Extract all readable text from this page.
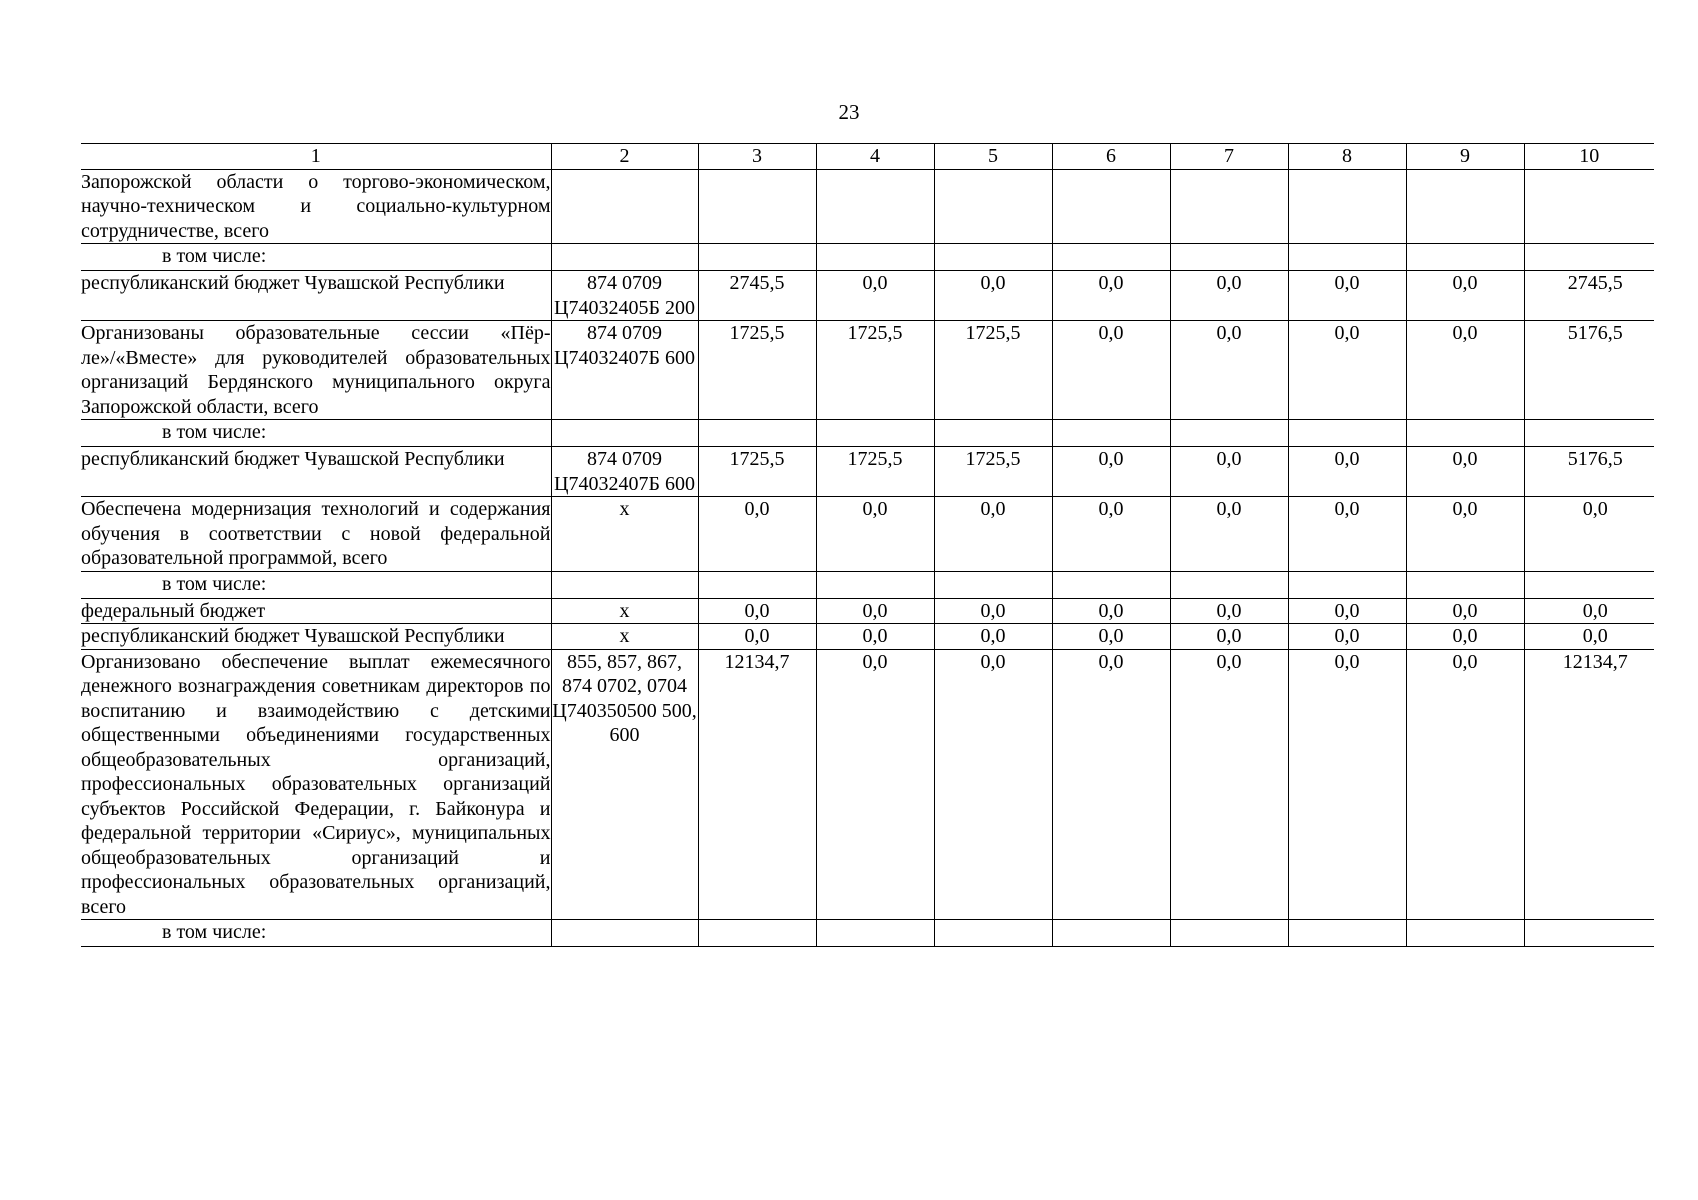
23
1	2	3	4	5	6	7	8	9	10
Запорожской области о торгово-экономическом, научно-техническом и социально-культурном сотрудничестве, всего									
в том числе:									
республиканский бюджет Чувашской Республики	874 0709 Ц74032405Б 200	2745,5	0,0	0,0	0,0	0,0	0,0	0,0	2745,5
Организованы образовательные сессии «Пёрле»/«Вместе» для руководителей образовательных организаций Бердянского муниципального округа Запорожской области, всего	874 0709 Ц74032407Б 600	1725,5	1725,5	1725,5	0,0	0,0	0,0	0,0	5176,5
в том числе:									
республиканский бюджет Чувашской Республики	874 0709 Ц74032407Б 600	1725,5	1725,5	1725,5	0,0	0,0	0,0	0,0	5176,5
Обеспечена модернизация технологий и содержания обучения в соответствии с новой федеральной образовательной программой, всего	x	0,0	0,0	0,0	0,0	0,0	0,0	0,0	0,0
в том числе:									
федеральный бюджет	x	0,0	0,0	0,0	0,0	0,0	0,0	0,0	0,0
республиканский бюджет Чувашской Республики	x	0,0	0,0	0,0	0,0	0,0	0,0	0,0	0,0
Организовано обеспечение выплат ежемесячного денежного вознаграждения советникам директоров по воспитанию и взаимодействию с детскими общественными объединениями государственных общеобразовательных организаций, профессиональных образовательных организаций субъектов Российской Федерации, г. Байконура и федеральной территории «Сириус», муниципальных общеобразовательных организаций и профессиональных образовательных организаций, всего	855, 857, 867, 874 0702, 0704 Ц740350500 500, 600	12134,7	0,0	0,0	0,0	0,0	0,0	0,0	12134,7
в том числе:									
